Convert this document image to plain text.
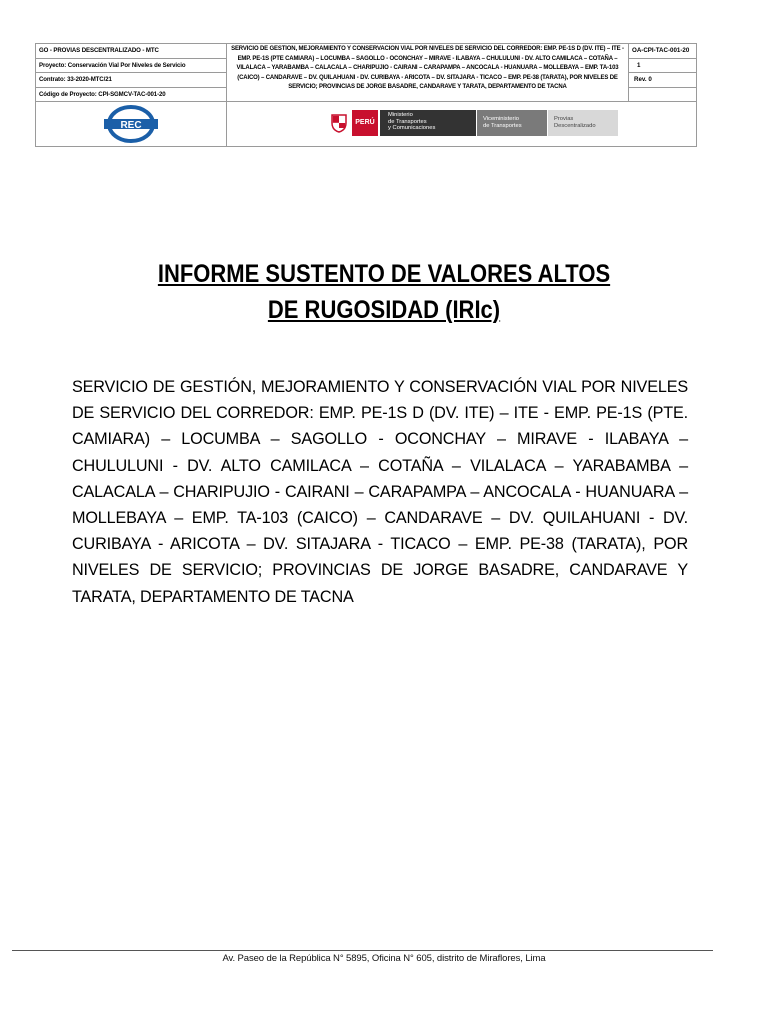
GO - PROVIAS DESCENTRALIZADO - MTC
Proyecto: Conservación Vial Por Niveles de Servicio
Contrato: 33-2020-MTC/21
Código de Proyecto: CPI-SGMCV-TAC-001-20
SERVICIO DE GESTION, MEJORAMIENTO Y CONSERVACION VIAL POR NIVELES DE SERVICIO DEL CORREDOR: EMP. PE-1S D (DV. ITE) – ITE - EMP. PE-1S (PTE CAMIARA) – LOCUMBA – SAGOLLO - OCONCHAY – MIRAVE - ILABAYA – CHULULUNI - DV. ALTO CAMILACA – COTAÑA – VILALACA – YARABAMBA – CALACALA – CHARIPUJIO - CAIRANI – CARAPAMPA – ANCOCALA - HUANUARA – MOLLEBAYA – EMP. TA-103 (CAICO) – CANDARAVE – DV. QUILAHUANI - DV. CURIBAYA - ARICOTA – DV. SITAJARA - TICACO – EMP. PE-38 (TARATA), POR NIVELES DE SERVICIO; PROVINCIAS DE JORGE BASADRE, CANDARAVE Y TARATA, DEPARTAMENTO DE TACNA
OA-CPI-TAC-001-20
1
Rev. 0
REC	PERÚ
Ministerio
de Transportes
y Comunicaciones
Viceministerio
de Transportes
Provias
Descentralizado
INFORME SUSTENTO DE VALORES ALTOS
DE RUGOSIDAD (IRIc)
SERVICIO DE GESTIÓN, MEJORAMIENTO Y CONSERVACIÓN VIAL POR NIVELES DE SERVICIO DEL CORREDOR: EMP. PE-1S D (DV. ITE) – ITE - EMP. PE-1S (PTE. CAMIARA) – LOCUMBA – SAGOLLO - OCONCHAY – MIRAVE - ILABAYA – CHULULUNI - DV. ALTO CAMILACA – COTAÑA – VILALACA – YARABAMBA – CALACALA – CHARIPUJIO - CAIRANI – CARAPAMPA – ANCOCALA - HUANUARA – MOLLEBAYA – EMP. TA-103 (CAICO) – CANDARAVE – DV. QUILAHUANI - DV. CURIBAYA - ARICOTA – DV. SITAJARA - TICACO – EMP. PE-38 (TARATA), POR NIVELES DE SERVICIO; PROVINCIAS DE JORGE BASADRE, CANDARAVE Y TARATA, DEPARTAMENTO DE TACNA
Av. Paseo de la República N° 5895, Oficina N° 605, distrito de Miraflores, Lima
